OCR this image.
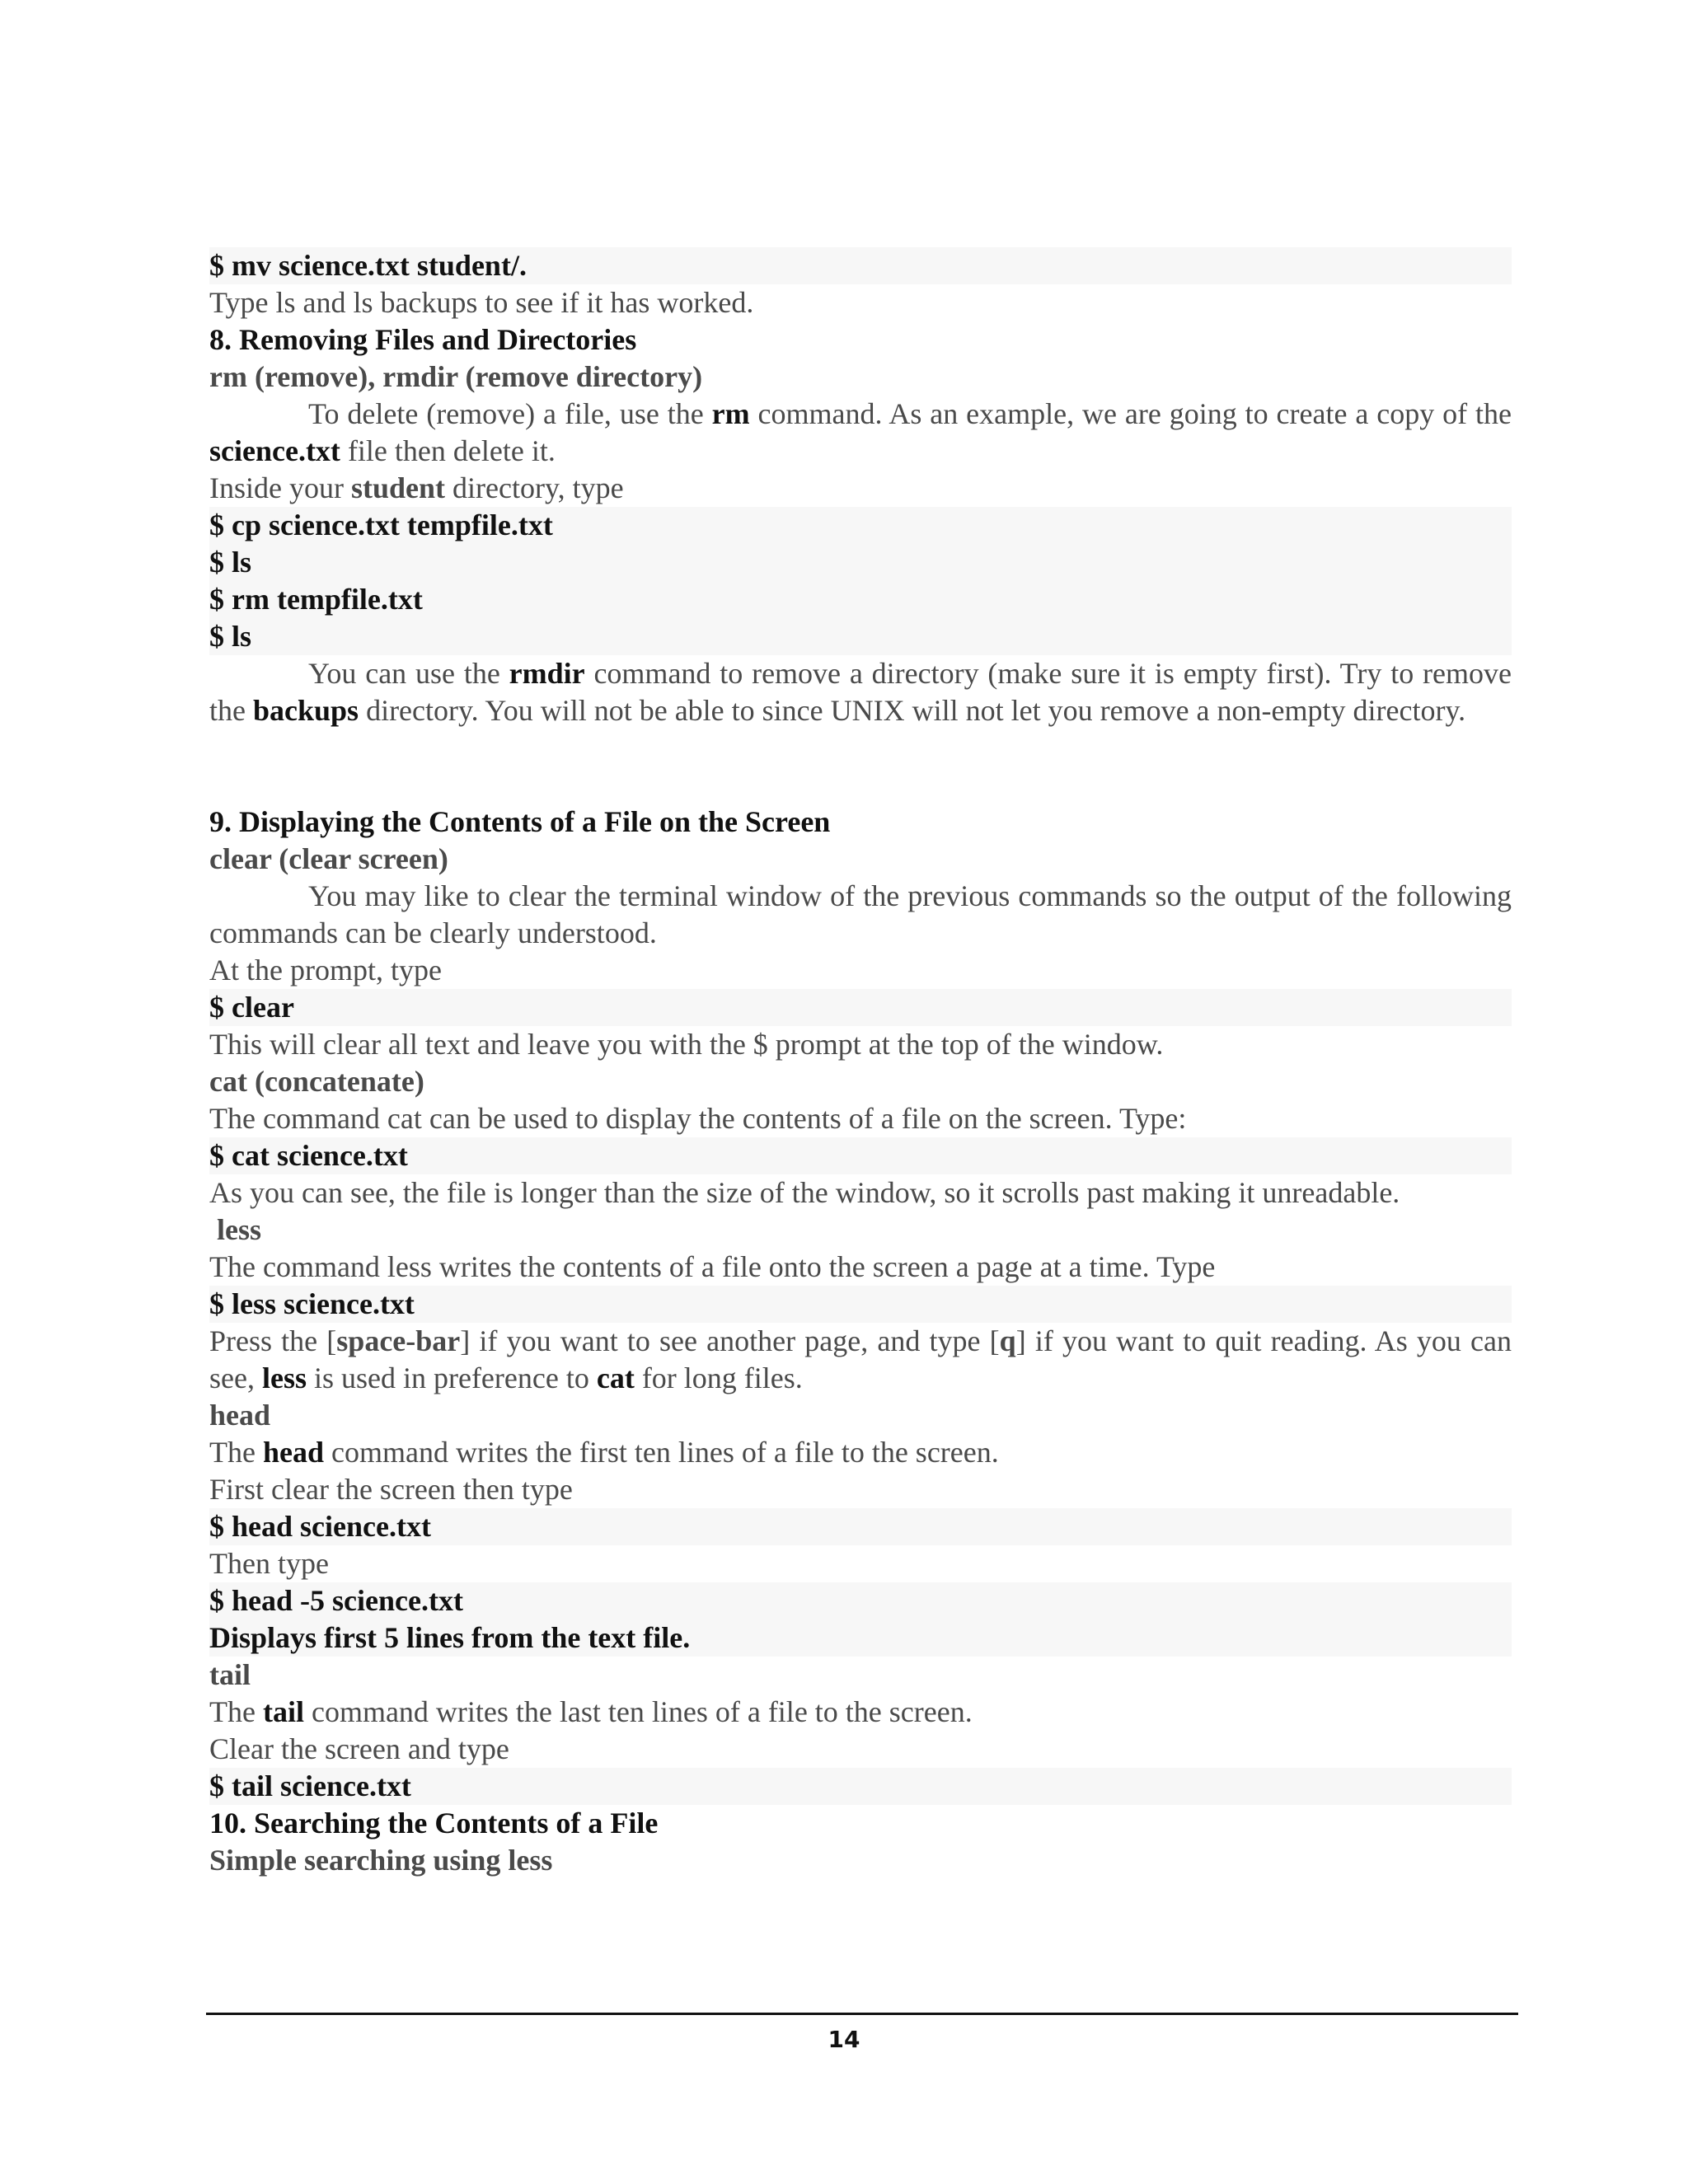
$ mv science.txt student/.

Type ls and ls backups to see if it has worked.

8. Removing Files and Directories

rm (remove), rmdir (remove directory)

To delete (remove) a file, use the rm command. As an example, we are going to create a copy of the science.txt file then delete it.

Inside your student directory, type

$ cp science.txt tempfile.txt

$ ls

$ rm tempfile.txt

$ ls

You can use the rmdir command to remove a directory (make sure it is empty first). Try to remove the backups directory. You will not be able to since UNIX will not let you remove a non-empty directory.

9. Displaying the Contents of a File on the Screen

clear (clear screen)

You may like to clear the terminal window of the previous commands so the output of the following commands can be clearly understood.

At the prompt, type

$ clear

This will clear all text and leave you with the $ prompt at the top of the window.

cat (concatenate)

The command cat can be used to display the contents of a file on the screen. Type:

$ cat science.txt

As you can see, the file is longer than the size of the window, so it scrolls past making it unreadable.

less

The command less writes the contents of a file onto the screen a page at a time. Type

$ less science.txt

Press the [space-bar] if you want to see another page, and type [q] if you want to quit reading. As you can see, less is used in preference to cat for long files.

head

The head command writes the first ten lines of a file to the screen.

First clear the screen then type

$ head science.txt

Then type

$ head -5 science.txt

Displays first 5 lines from the text file.

tail

The tail command writes the last ten lines of a file to the screen.

Clear the screen and type

$ tail science.txt

10. Searching the Contents of a File

Simple searching using less

14
